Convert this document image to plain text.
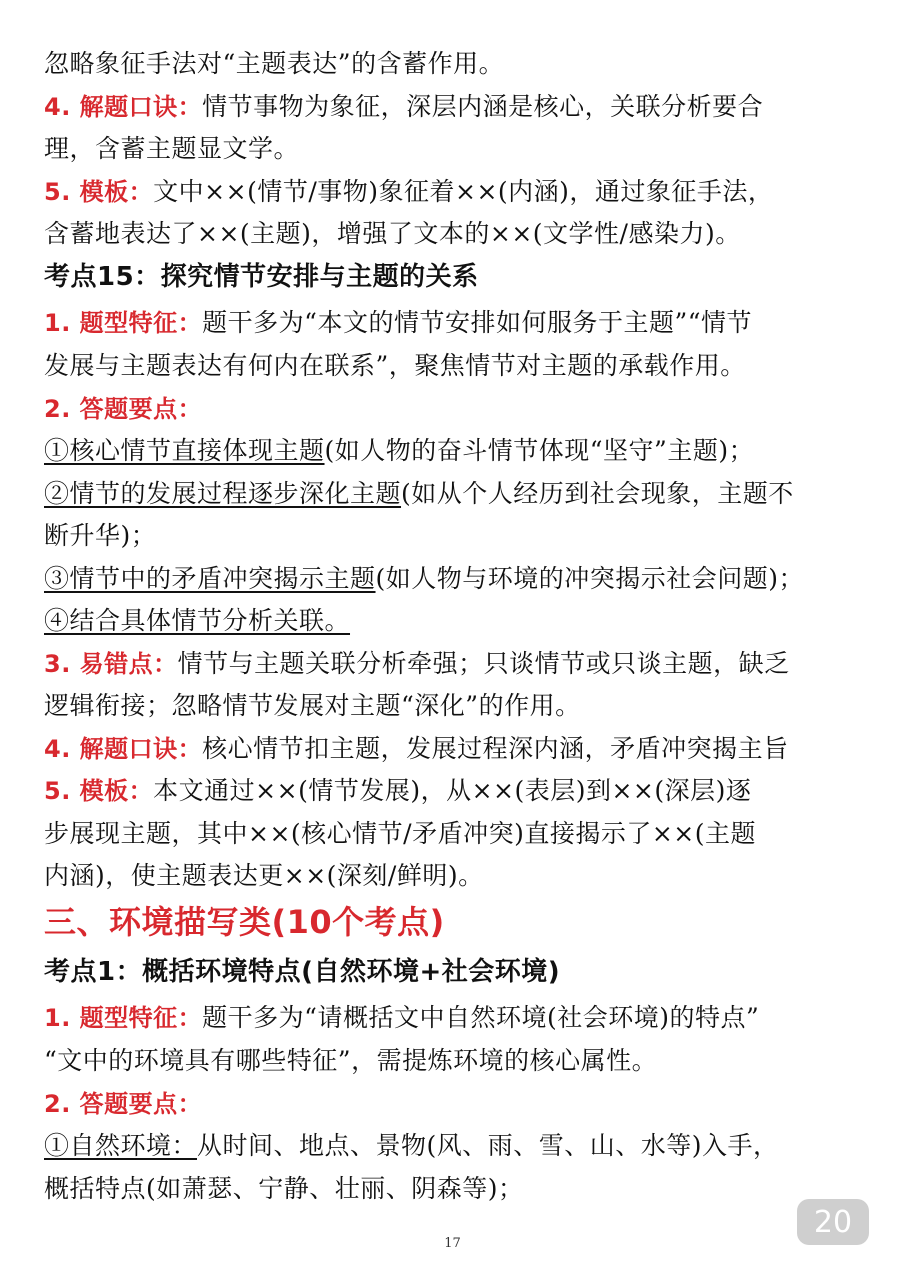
忽略象征手法对“主题表达”的含蓄作用。
4. 解题口诀：情节事物为象征，深层内涵是核心，关联分析要合
理，含蓄主题显文学。
5. 模板：文中××(情节/事物)象征着××(内涵)，通过象征手法，
含蓄地表达了××(主题)，增强了文本的××(文学性/感染力)。
考点15：探究情节安排与主题的关系
1. 题型特征：题干多为“本文的情节安排如何服务于主题”“情节
发展与主题表达有何内在联系”，聚焦情节对主题的承载作用。
2. 答题要点：
①核心情节直接体现主题(如人物的奋斗情节体现“坚守”主题)；
②情节的发展过程逐步深化主题(如从个人经历到社会现象，主题不
断升华)；
③情节中的矛盾冲突揭示主题(如人物与环境的冲突揭示社会问题)；
④结合具体情节分析关联。
3. 易错点：情节与主题关联分析牵强；只谈情节或只谈主题，缺乏
逻辑衔接；忽略情节发展对主题“深化”的作用。
4. 解题口诀：核心情节扣主题，发展过程深内涵，矛盾冲突揭主旨
5. 模板：本文通过××(情节发展)，从××(表层)到××(深层)逐
步展现主题，其中××(核心情节/矛盾冲突)直接揭示了××(主题
内涵)，使主题表达更××(深刻/鲜明)。
三、环境描写类(10个考点)
考点1：概括环境特点(自然环境+社会环境)
1. 题型特征：题干多为“请概括文中自然环境(社会环境)的特点”
“文中的环境具有哪些特征”，需提炼环境的核心属性。
2. 答题要点：
①自然环境：从时间、地点、景物(风、雨、雪、山、水等)入手，
概括特点(如萧瑟、宁静、壮丽、阴森等)；
20
17
